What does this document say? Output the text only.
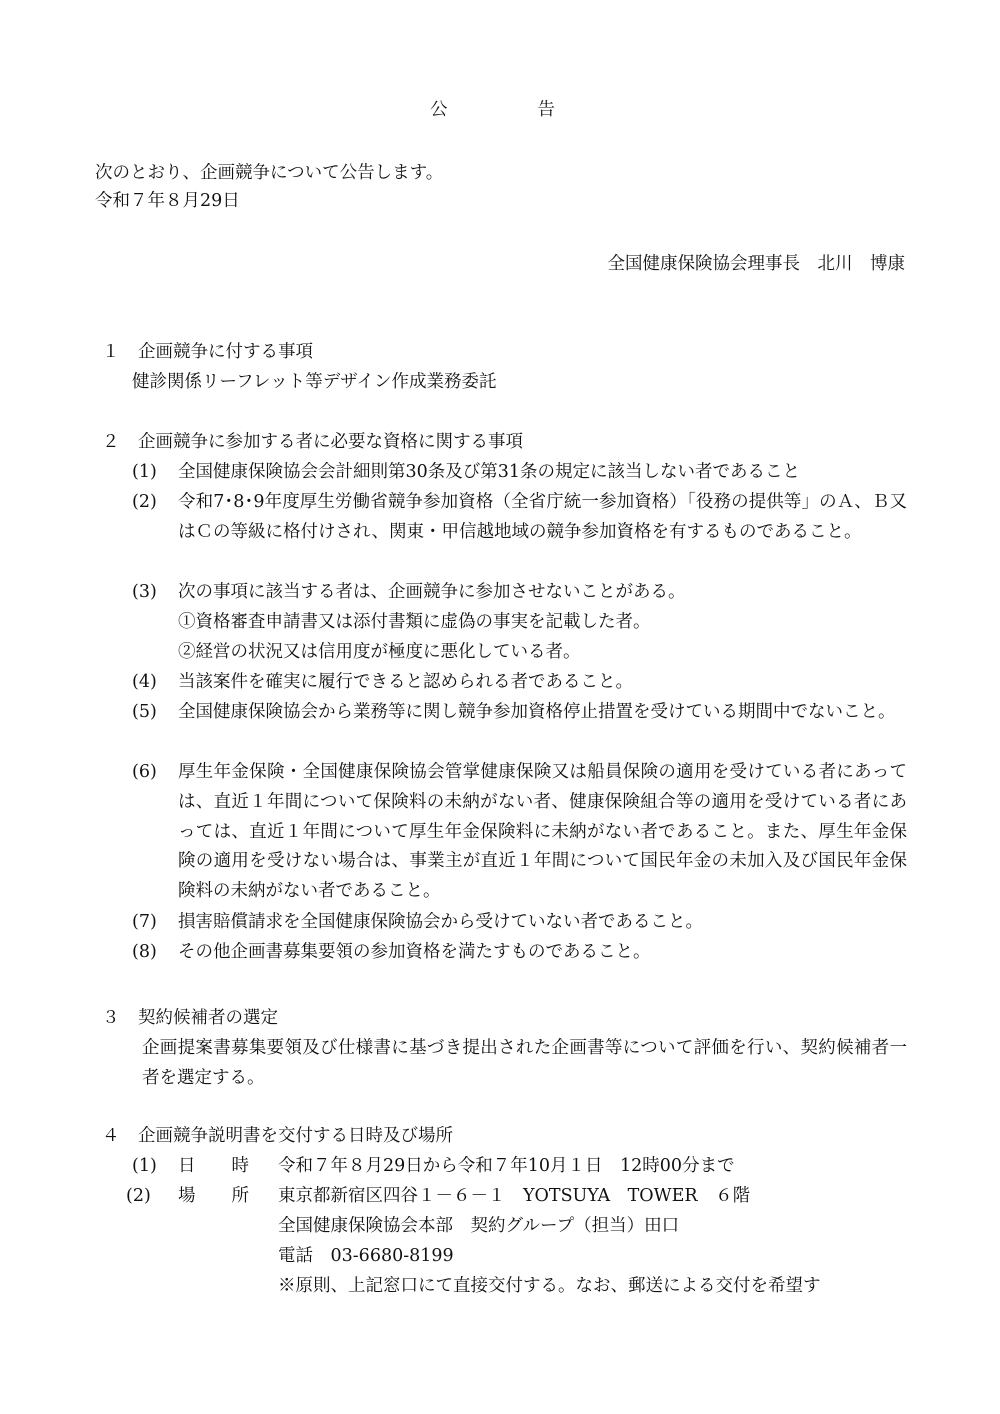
公	告
次のとおり、企画競争について公告します。
令和７年８月29日
全国健康保険協会理事長　北川　博康
１ 企画競争に付する事項
健診関係リーフレット等デザイン作成業務委託
２ 企画競争に参加する者に必要な資格に関する事項
(1) 全国健康保険協会会計細則第30条及び第31条の規定に該当しない者であること
(2) 令和7･8･9年度厚生労働省競争参加資格（全省庁統一参加資格）「役務の提供等」のＡ、Ｂ又はＣの等級に格付けされ、関東・甲信越地域の競争参加資格を有するものであること。
(3) 次の事項に該当する者は、企画競争に参加させないことがある。
①資格審査申請書又は添付書類に虚偽の事実を記載した者。
②経営の状況又は信用度が極度に悪化している者。
(4) 当該案件を確実に履行できると認められる者であること。
(5) 全国健康保険協会から業務等に関し競争参加資格停止措置を受けている期間中でないこと。
(6) 厚生年金保険・全国健康保険協会管掌健康保険又は船員保険の適用を受けている者にあっては、直近１年間について保険料の未納がない者、健康保険組合等の適用を受けている者にあっては、直近１年間について厚生年金保険料に未納がない者であること。また、厚生年金保険の適用を受けない場合は、事業主が直近１年間について国民年金の未加入及び国民年金保険料の未納がない者であること。
(7) 損害賠償請求を全国健康保険協会から受けていない者であること。
(8) その他企画書募集要領の参加資格を満たすものであること。
３ 契約候補者の選定
企画提案書募集要領及び仕様書に基づき提出された企画書等について評価を行い、契約候補者一者を選定する。
４ 企画競争説明書を交付する日時及び場所
(1) 日 時 令和７年８月29日から令和７年10月１日　12時00分まで
(2) 場 所 東京都新宿区四谷１－６－１　YOTSUYA　TOWER　６階
全国健康保険協会本部　契約グループ（担当）田口
電話　03-6680-8199
※原則、上記窓口にて直接交付する。なお、郵送による交付を希望す
